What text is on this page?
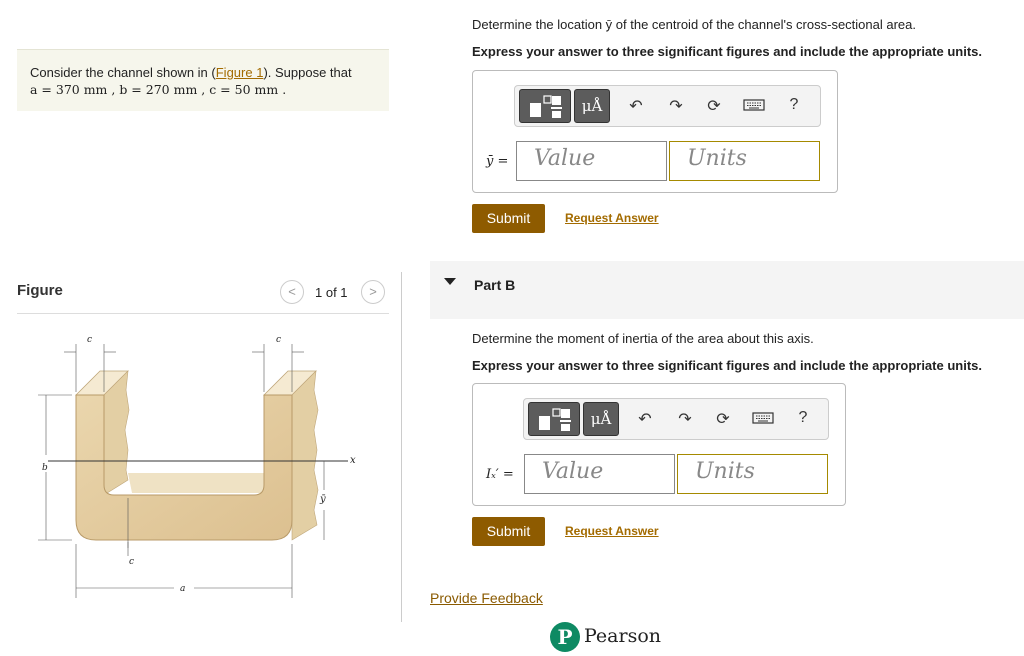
Consider the channel shown in (Figure 1). Suppose that
a = 370 mm , b = 270 mm , c = 50 mm .
Figure	<	1 of 1	>
x
c	c
b
ȳ
c
a
Determine the location ȳ of the centroid of the channel's cross-sectional area.
Express your answer to three significant figures and include the appropriate units.
μÅ	↶ ↷ ⟳	?
ȳ =	Value	Units
Submit	Request Answer
Part B
Determine the moment of inertia of the area about this axis.
Express your answer to three significant figures and include the appropriate units.
μÅ	↶ ↷ ⟳	?
Iₓ′ =	Value	Units
Submit	Request Answer
Provide Feedback
P Pearson
